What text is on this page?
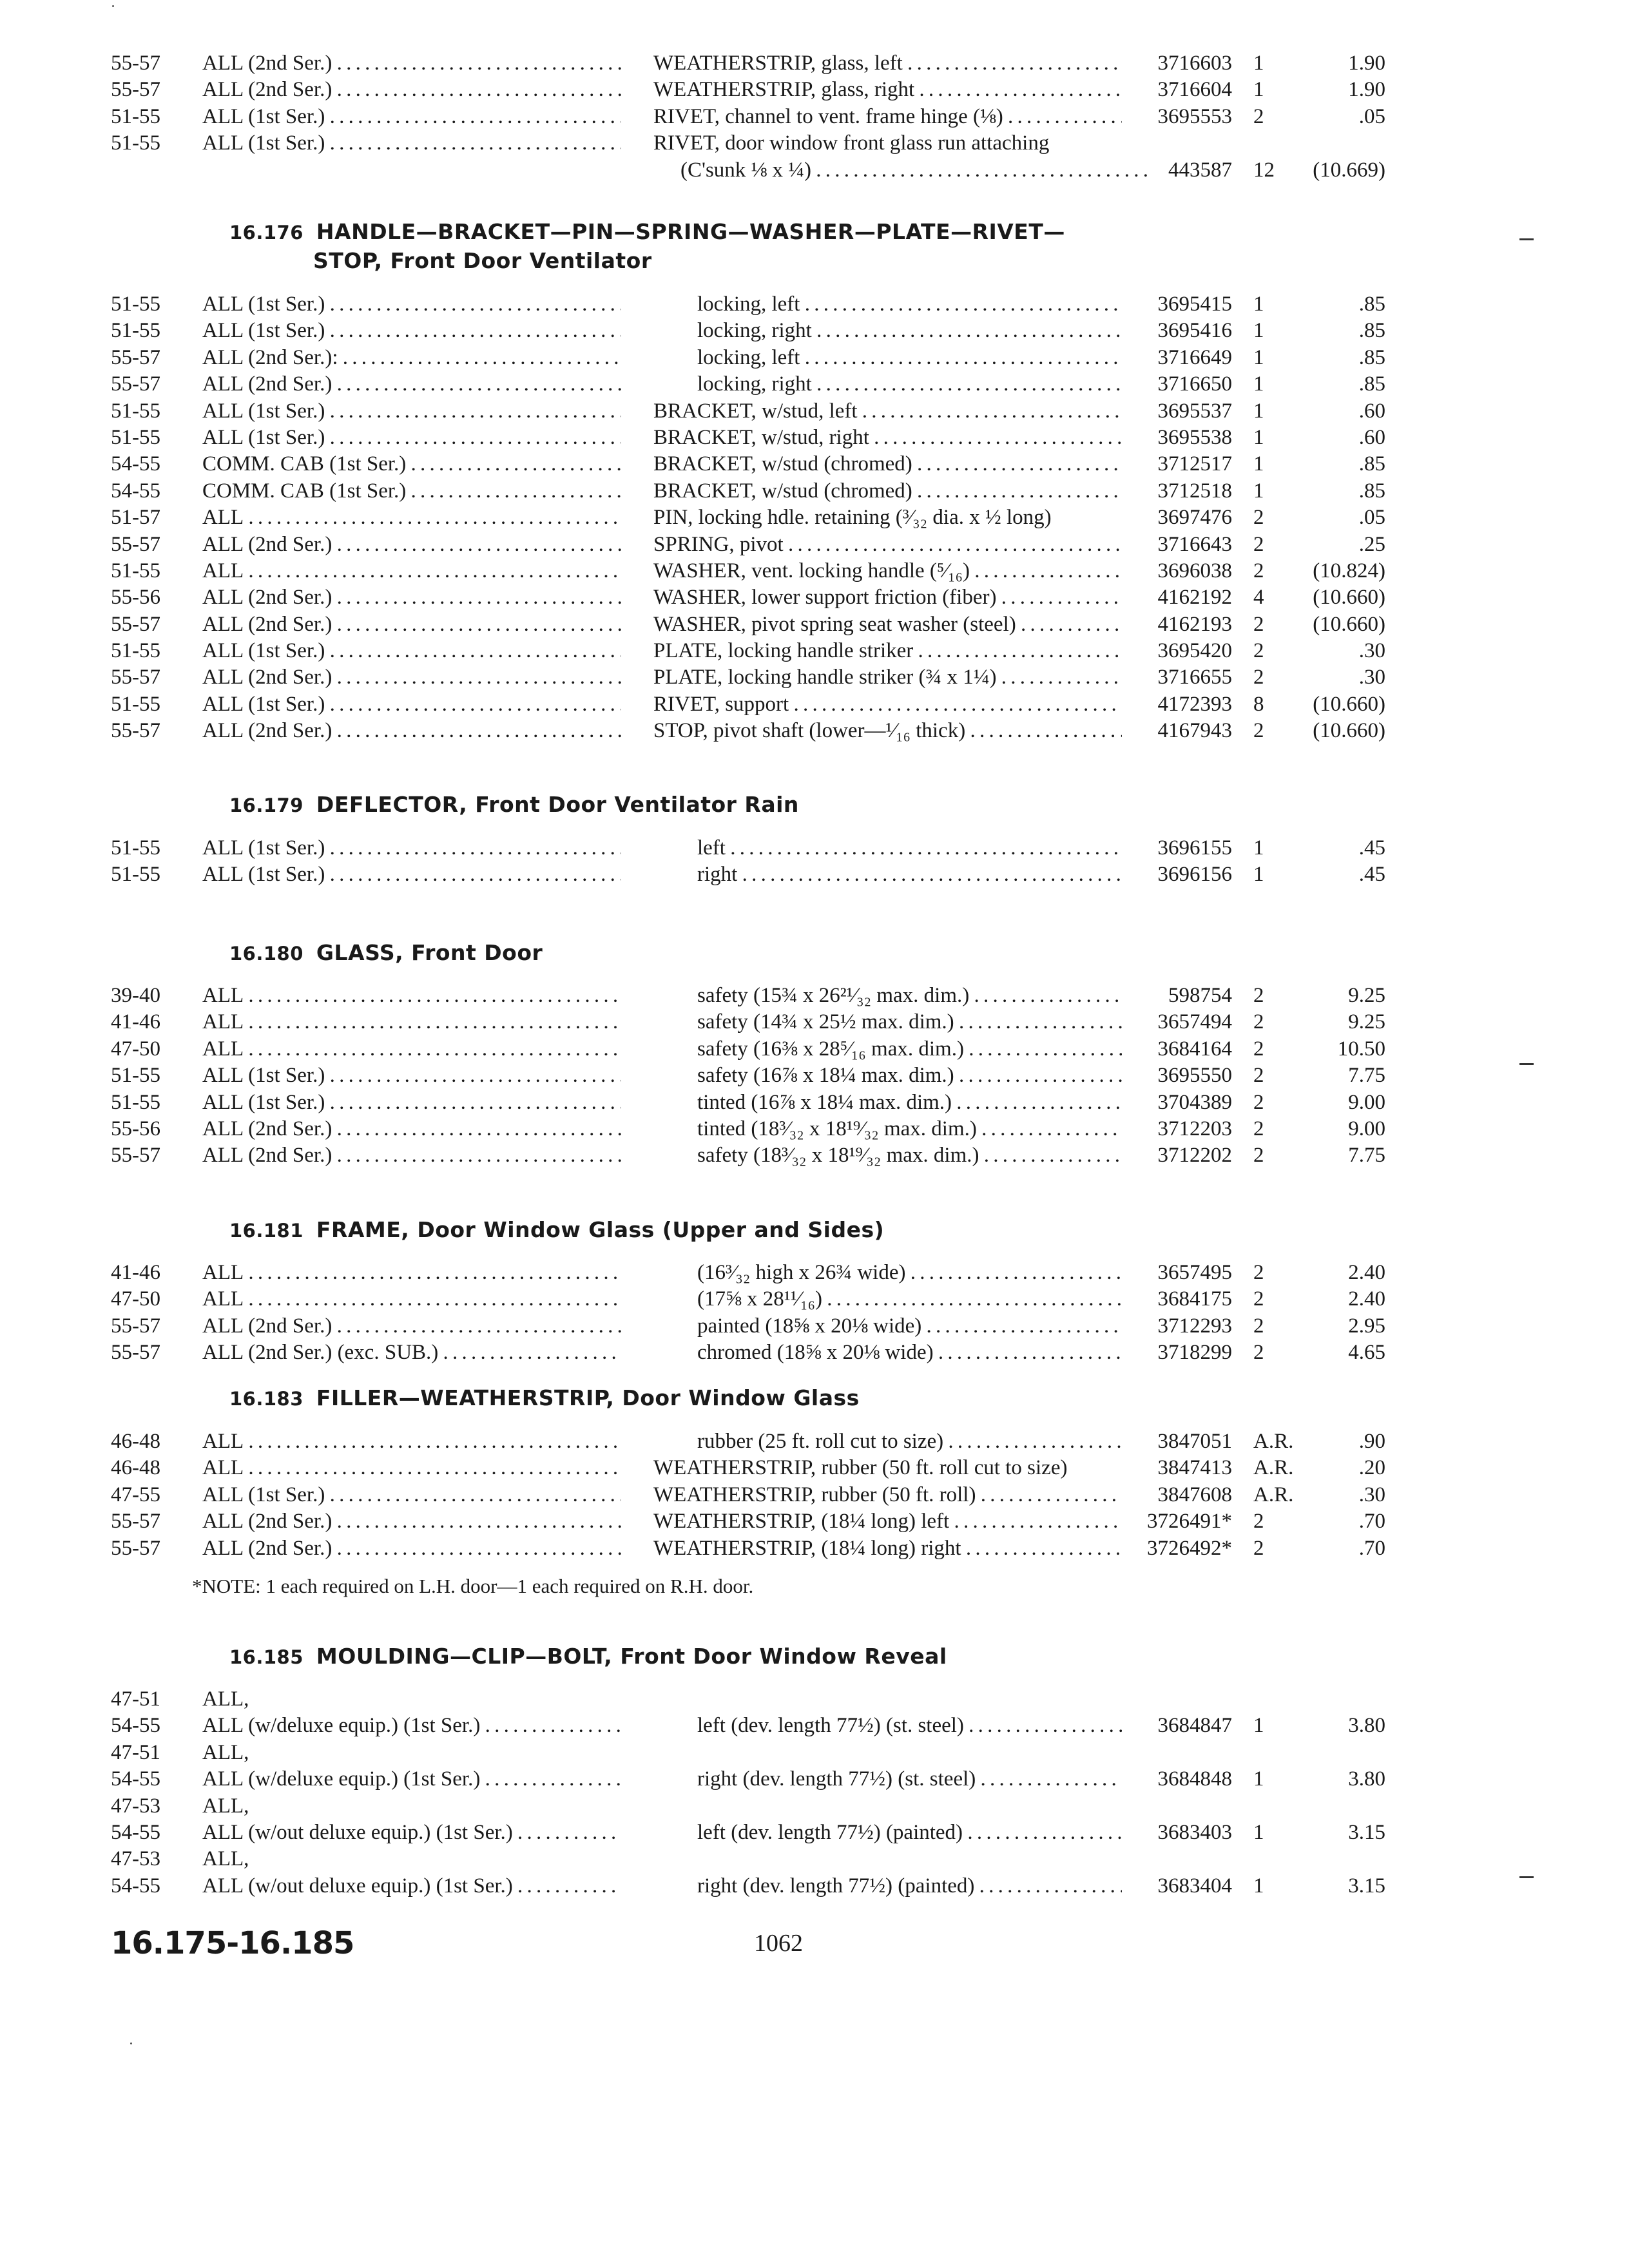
55-57 ALL (2nd Ser.) . . .	WEATHERSTRIP, glass, left . . .	3716603 1	1.90
55-57 ALL (2nd Ser.) . . .	WEATHERSTRIP, glass, right . . .	3716604 1	1.90
51-55 ALL (1st Ser.) . . .	RIVET, channel to vent. frame hinge (⅛) . . .	3695553 2	.05
51-55 ALL (1st Ser.) . . .	RIVET, door window front glass run attaching
(C'sunk ⅛ x ¼) . . .	443587 12	(10.669)
16.176 HANDLE—BRACKET—PIN—SPRING—WASHER—PLATE—RIVET—
STOP, Front Door Ventilator
51-55 ALL (1st Ser.) . . .	locking, left . . .	3695415 1	.85
51-55 ALL (1st Ser.) . . .	locking, right . . .	3695416 1	.85
55-57 ALL (2nd Ser.): . . .	locking, left . . .	3716649 1	.85
55-57 ALL (2nd Ser.) . . .	locking, right . . .	3716650 1	.85
51-55 ALL (1st Ser.) . . .	BRACKET, w/stud, left . . .	3695537 1	.60
51-55 ALL (1st Ser.) . . .	BRACKET, w/stud, right . . .	3695538 1	.60
54-55 COMM. CAB (1st Ser.) . . .	BRACKET, w/stud (chromed) . . .	3712517 1	.85
54-55 COMM. CAB (1st Ser.) . . .	BRACKET, w/stud (chromed) . . .	3712518 1	.85
51-57 ALL . . .	PIN, locking hdle. retaining (³⁄₃₂ dia. x ½ long)	3697476 2	.05
55-57 ALL (2nd Ser.) . . .	SPRING, pivot . . .	3716643 2	.25
51-55 ALL . . .	WASHER, vent. locking handle (⁵⁄₁₆) . . .	3696038 2	(10.824)
55-56 ALL (2nd Ser.) . . .	WASHER, lower support friction (fiber) . . .	4162192 4	(10.660)
55-57 ALL (2nd Ser.) . . .	WASHER, pivot spring seat washer (steel) . . .	4162193 2	(10.660)
51-55 ALL (1st Ser.) . . .	PLATE, locking handle striker . . .	3695420 2	.30
55-57 ALL (2nd Ser.) . . .	PLATE, locking handle striker (¾ x 1¼) . . .	3716655 2	.30
51-55 ALL (1st Ser.) . . .	RIVET, support . . .	4172393 8	(10.660)
55-57 ALL (2nd Ser.) . . .	STOP, pivot shaft (lower—¹⁄₁₆ thick) . . .	4167943 2	(10.660)
16.179 DEFLECTOR, Front Door Ventilator Rain
51-55 ALL (1st Ser.) . . .	left . . .	3696155 1	.45
51-55 ALL (1st Ser.) . . .	right . . .	3696156 1	.45
16.180 GLASS, Front Door
39-40 ALL . . .	safety (15¾ x 26²¹⁄₃₂ max. dim.) . . .	598754 2	9.25
41-46 ALL . . .	safety (14¾ x 25½ max. dim.) . . .	3657494 2	9.25
47-50 ALL . . .	safety (16⅜ x 28⁵⁄₁₆ max. dim.) . . .	3684164 2	10.50
51-55 ALL (1st Ser.) . . .	safety (16⅞ x 18¼ max. dim.) . . .	3695550 2	7.75
51-55 ALL (1st Ser.) . . .	tinted (16⅞ x 18¼ max. dim.) . . .	3704389 2	9.00
55-56 ALL (2nd Ser.) . . .	tinted (18³⁄₃₂ x 18¹⁹⁄₃₂ max. dim.) . . .	3712203 2	9.00
55-57 ALL (2nd Ser.) . . .	safety (18³⁄₃₂ x 18¹⁹⁄₃₂ max. dim.) . . .	3712202 2	7.75
16.181 FRAME, Door Window Glass (Upper and Sides)
41-46 ALL . . .	(16³⁄₃₂ high x 26¾ wide) . . .	3657495 2	2.40
47-50 ALL . . .	(17⅝ x 28¹¹⁄₁₆) . . .	3684175 2	2.40
55-57 ALL (2nd Ser.) . . .	painted (18⅝ x 20⅛ wide) . . .	3712293 2	2.95
55-57 ALL (2nd Ser.) (exc. SUB.) . . .	chromed (18⅝ x 20⅛ wide) . . .	3718299 2	4.65
16.183 FILLER—WEATHERSTRIP, Door Window Glass
46-48 ALL . . .	rubber (25 ft. roll cut to size) . . .	3847051 A.R.	.90
46-48 ALL . . .	WEATHERSTRIP, rubber (50 ft. roll cut to size)	3847413 A.R.	.20
47-55 ALL (1st Ser.) . . .	WEATHERSTRIP, rubber (50 ft. roll) . . .	3847608 A.R.	.30
55-57 ALL (2nd Ser.) . . .	WEATHERSTRIP, (18¼ long) left . . .	3726491* 2	.70
55-57 ALL (2nd Ser.) . . .	WEATHERSTRIP, (18¼ long) right . . .	3726492* 2	.70
*NOTE: 1 each required on L.H. door—1 each required on R.H. door.
16.185 MOULDING—CLIP—BOLT, Front Door Window Reveal
47-51 ALL,
54-55 ALL (w/deluxe equip.) (1st Ser.) . . .	left (dev. length 77½) (st. steel) . . .	3684847 1	3.80
47-51 ALL,
54-55 ALL (w/deluxe equip.) (1st Ser.) . . .	right (dev. length 77½) (st. steel) . . .	3684848 1	3.80
47-53 ALL,
54-55 ALL (w/out deluxe equip.) (1st Ser.) . . .	left (dev. length 77½) (painted) . . .	3683403 1	3.15
47-53 ALL,
54-55 ALL (w/out deluxe equip.) (1st Ser.) . . .	right (dev. length 77½) (painted) . . .	3683404 1	3.15
16.175-16.185	1062
